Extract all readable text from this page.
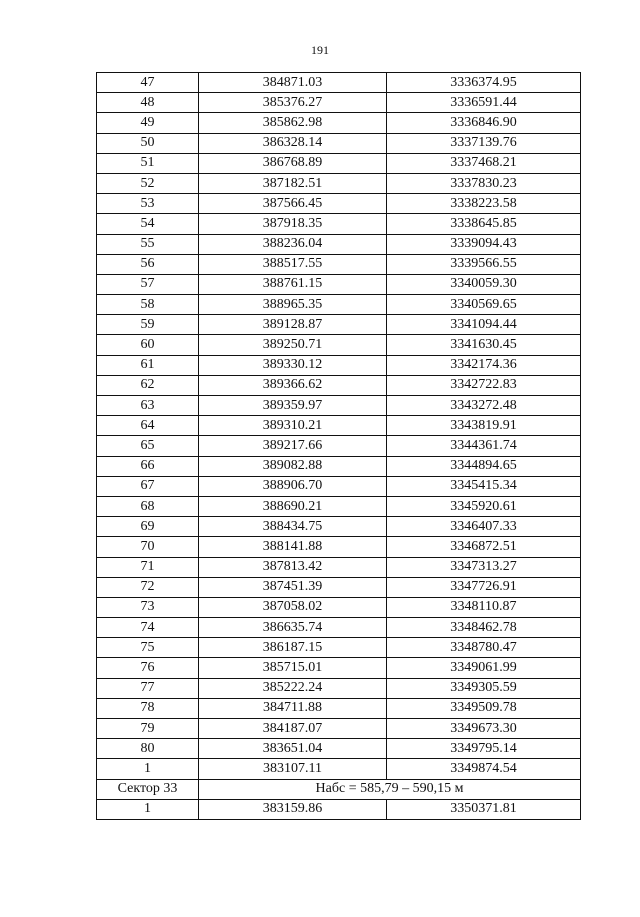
191
47	384871.03	3336374.95
48	385376.27	3336591.44
49	385862.98	3336846.90
50	386328.14	3337139.76
51	386768.89	3337468.21
52	387182.51	3337830.23
53	387566.45	3338223.58
54	387918.35	3338645.85
55	388236.04	3339094.43
56	388517.55	3339566.55
57	388761.15	3340059.30
58	388965.35	3340569.65
59	389128.87	3341094.44
60	389250.71	3341630.45
61	389330.12	3342174.36
62	389366.62	3342722.83
63	389359.97	3343272.48
64	389310.21	3343819.91
65	389217.66	3344361.74
66	389082.88	3344894.65
67	388906.70	3345415.34
68	388690.21	3345920.61
69	388434.75	3346407.33
70	388141.88	3346872.51
71	387813.42	3347313.27
72	387451.39	3347726.91
73	387058.02	3348110.87
74	386635.74	3348462.78
75	386187.15	3348780.47
76	385715.01	3349061.99
77	385222.24	3349305.59
78	384711.88	3349509.78
79	384187.07	3349673.30
80	383651.04	3349795.14
1	383107.11	3349874.54
Сектор 33	Набс = 585,79 – 590,15 м	
1	383159.86	3350371.81
